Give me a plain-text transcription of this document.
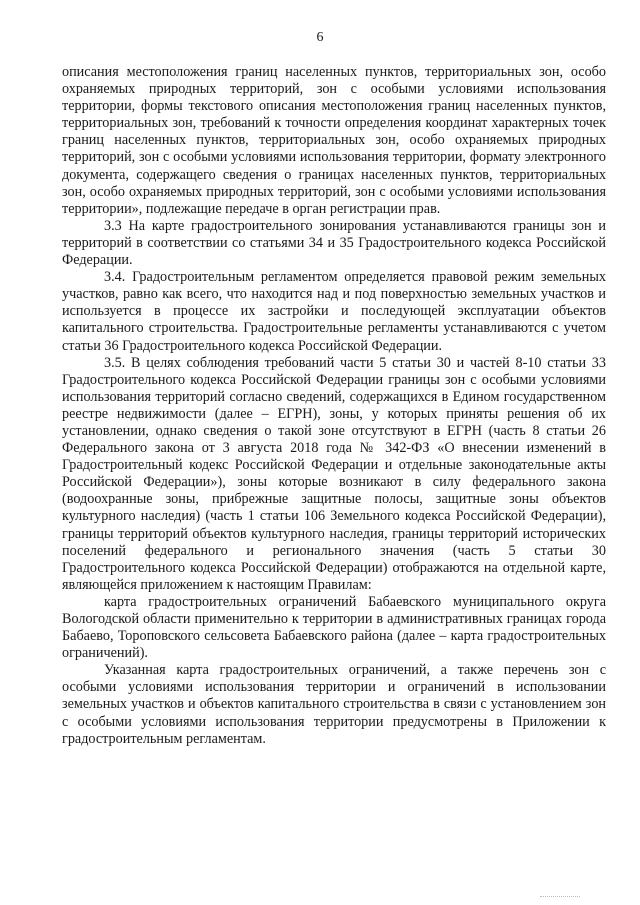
6

описания местоположения границ населенных пунктов, территориальных зон, особо охраняемых природных территорий, зон с особыми условиями использования территории, формы текстового описания местоположения границ населенных пунктов, территориальных зон, требований к точности определения координат характерных точек границ населенных пунктов, территориальных зон, особо охраняемых природных территорий, зон с особыми условиями использования территории, формату электронного документа, содержащего сведения о границах населенных пунктов, территориальных зон, особо охраняемых природных территорий, зон с особыми условиями использования территории», подлежащие передаче в орган регистрации прав.

3.3 На карте градостроительного зонирования устанавливаются границы зон и территорий в соответствии со статьями 34 и 35 Градостроительного кодекса Российской Федерации.

3.4. Градостроительным регламентом определяется правовой режим земельных участков, равно как всего, что находится над и под поверхностью земельных участков и используется в процессе их застройки и последующей эксплуатации объектов капитального строительства. Градостроительные регламенты устанавливаются с учетом статьи 36 Градостроительного кодекса Российской Федерации.

3.5. В целях соблюдения требований части 5 статьи 30 и частей 8-10 статьи 33 Градостроительного кодекса Российской Федерации границы зон с особыми условиями использования территорий согласно сведений, содержащихся в Едином государственном реестре недвижимости (далее – ЕГРН), зоны, у которых приняты решения об их установлении, однако сведения о такой зоне отсутствуют в ЕГРН (часть 8 статьи 26 Федерального закона от 3 августа 2018 года № 342-ФЗ «О внесении изменений в Градостроительный кодекс Российской Федерации и отдельные законодательные акты Российской Федерации»), зоны которые возникают в силу федерального закона (водоохранные зоны, прибрежные защитные полосы, защитные зоны объектов культурного наследия) (часть 1 статьи 106 Земельного кодекса Российской Федерации), границы территорий объектов культурного наследия, границы территорий исторических поселений федерального и регионального значения (часть 5 статьи 30 Градостроительного кодекса Российской Федерации) отображаются на отдельной карте, являющейся приложением к настоящим Правилам:

карта градостроительных ограничений Бабаевского муниципального округа Вологодской области применительно к территории в административных границах города Бабаево, Тороповского сельсовета Бабаевского района (далее – карта градостроительных ограничений).

Указанная карта градостроительных ограничений, а также перечень зон с особыми условиями использования территории и ограничений в использовании земельных участков и объектов капитального строительства в связи с установлением зон с особыми условиями использования территории предусмотрены в Приложении к градостроительным регламентам.
